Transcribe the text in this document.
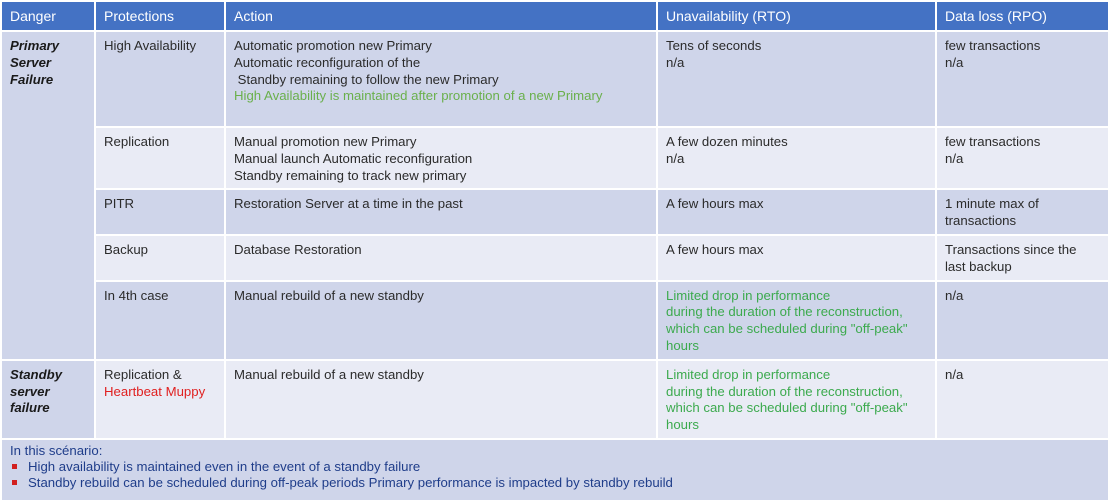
Danger	Protections	Action	Unavailability (RTO)	Data loss (RPO)

Primary
Server
Failure	High Availability	Automatic promotion new Primary
Automatic reconfiguration of the
Standby remaining to follow the new Primary
High Availability is maintained after promotion of a new Primary	Tens of seconds
n/a	few transactions
n/a

	Replication	Manual promotion new Primary
Manual launch Automatic reconfiguration
Standby remaining to track new primary	A few dozen minutes
n/a	few transactions
n/a

	PITR	Restoration Server at a time in the past	A few hours max	1 minute max of transactions

	Backup	Database Restoration	A few hours max	Transactions since the last backup

	In 4th case	Manual rebuild of a new standby	Limited drop in performance
during the duration of the reconstruction,
which can be scheduled during "off-peak"
hours	n/a

Standby
server
failure	Replication &
Heartbeat Muppy	Manual rebuild of a new standby	Limited drop in performance
during the duration of the reconstruction,
which can be scheduled during "off-peak"
hours	n/a
In this scénario:
High availability is maintained even in the event of a standby failure
Standby rebuild can be scheduled during off-peak periods Primary performance is impacted by standby rebuild
